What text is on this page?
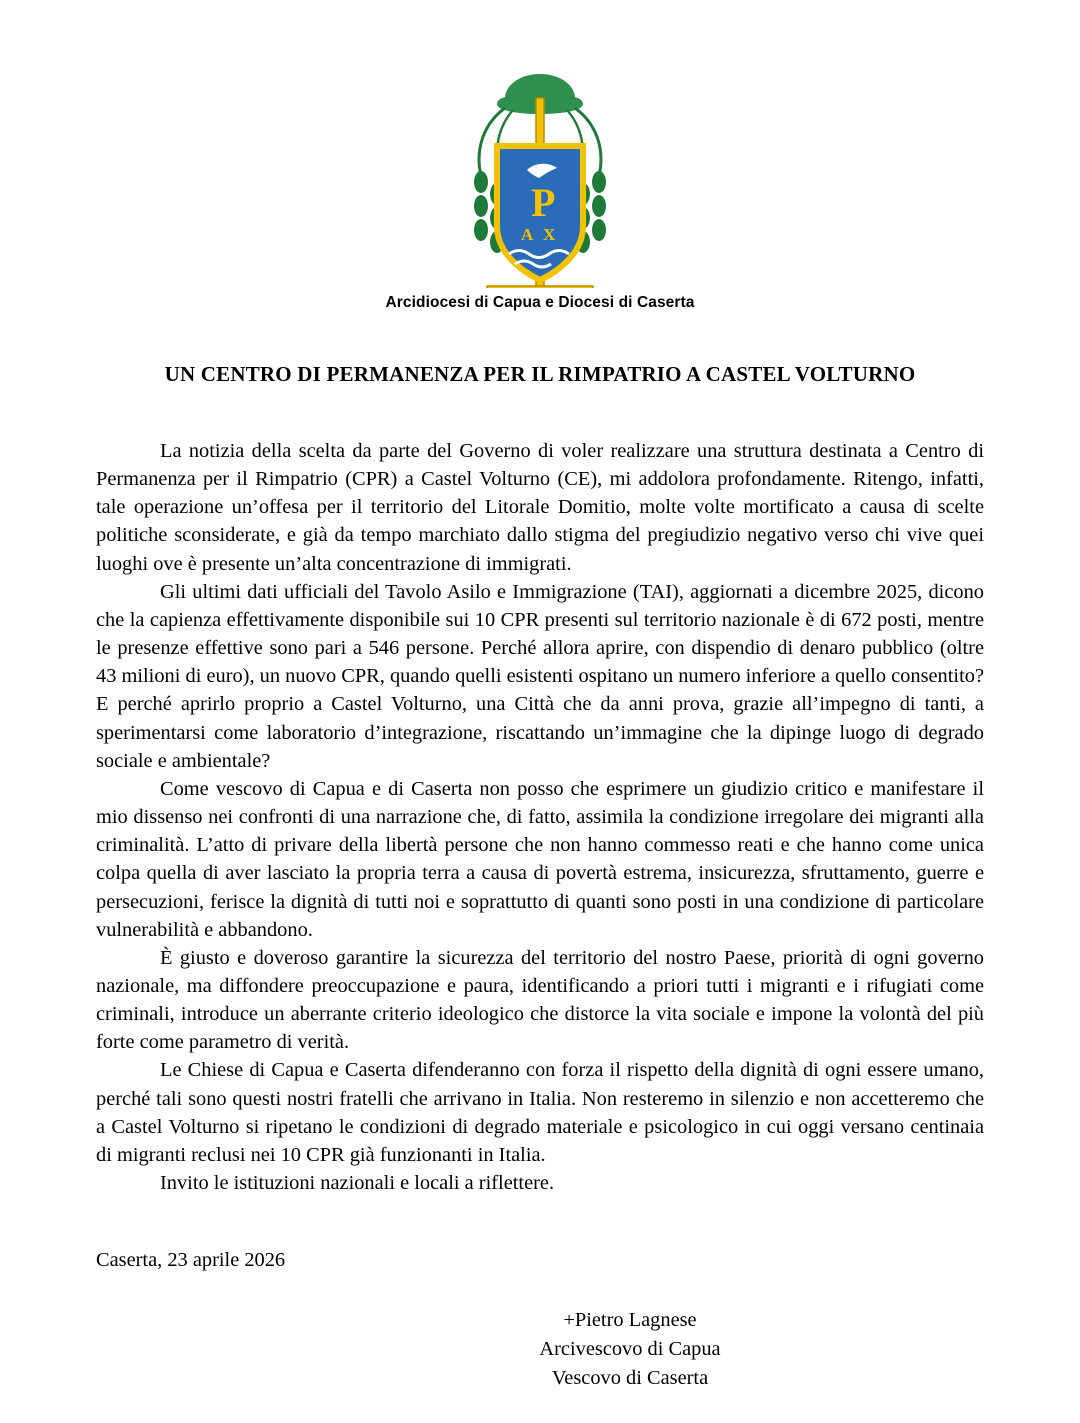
P
A X
Arcidiocesi di Capua e Diocesi di Caserta
UN CENTRO DI PERMANENZA PER IL RIMPATRIO A CASTEL VOLTURNO

La notizia della scelta da parte del Governo di voler realizzare una struttura destinata a Centro di Permanenza per il Rimpatrio (CPR) a Castel Volturno (CE), mi addolora profondamente. Ritengo, infatti, tale operazione un’offesa per il territorio del Litorale Domitio, molte volte mortificato a causa di scelte politiche sconsiderate, e già da tempo marchiato dallo stigma del pregiudizio negativo verso chi vive quei luoghi ove è presente un’alta concentrazione di immigrati.

Gli ultimi dati ufficiali del Tavolo Asilo e Immigrazione (TAI), aggiornati a dicembre 2025, dicono che la capienza effettivamente disponibile sui 10 CPR presenti sul territorio nazionale è di 672 posti, mentre le presenze effettive sono pari a 546 persone. Perché allora aprire, con dispendio di denaro pubblico (oltre 43 milioni di euro), un nuovo CPR, quando quelli esistenti ospitano un numero inferiore a quello consentito? E perché aprirlo proprio a Castel Volturno, una Città che da anni prova, grazie all’impegno di tanti, a sperimentarsi come laboratorio d’integrazione, riscattando un’immagine che la dipinge luogo di degrado sociale e ambientale?

Come vescovo di Capua e di Caserta non posso che esprimere un giudizio critico e manifestare il mio dissenso nei confronti di una narrazione che, di fatto, assimila la condizione irregolare dei migranti alla criminalità. L’atto di privare della libertà persone che non hanno commesso reati e che hanno come unica colpa quella di aver lasciato la propria terra a causa di povertà estrema, insicurezza, sfruttamento, guerre e persecuzioni, ferisce la dignità di tutti noi e soprattutto di quanti sono posti in una condizione di particolare vulnerabilità e abbandono.

È giusto e doveroso garantire la sicurezza del territorio del nostro Paese, priorità di ogni governo nazionale, ma diffondere preoccupazione e paura, identificando a priori tutti i migranti e i rifugiati come criminali, introduce un aberrante criterio ideologico che distorce la vita sociale e impone la volontà del più forte come parametro di verità.

Le Chiese di Capua e Caserta difenderanno con forza il rispetto della dignità di ogni essere umano, perché tali sono questi nostri fratelli che arrivano in Italia. Non resteremo in silenzio e non accetteremo che a Castel Volturno si ripetano le condizioni di degrado materiale e psicologico in cui oggi versano centinaia di migranti reclusi nei 10 CPR già funzionanti in Italia.

Invito le istituzioni nazionali e locali a riflettere.

Caserta, 23 aprile 2026
+Pietro Lagnese
Arcivescovo di Capua
Vescovo di Caserta
